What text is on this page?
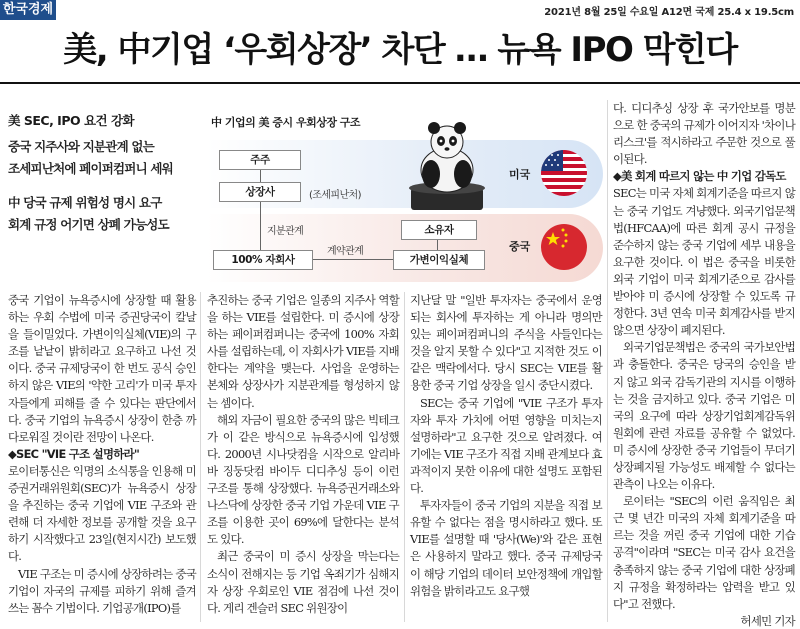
한국경제	2021년 8월 25일 수요일 A12면 국제 25.4 x 19.5cm
美, 中기업 ‘우회상장’ 차단 … 뉴욕 IPO 막힌다
美 SEC, IPO 요건 강화
중국 지주사와 지분관계 없는
조세피난처에 페이퍼컴퍼니 세워
中 당국 규제 위험성 명시 요구
회계 규정 어기면 상폐 가능성도
中 기업의 美 증시 우회상장 구조
주주
상장사	(조세피난처)
지분관계
100% 자회사
계약관계
소유자
가변이익실체
미국
중국

중국 기업이 뉴욕증시에 상장할 때 활용하는 우회 수법에 미국 증권당국이 칼날을 들이밀었다. 가변이익실체(VIE)의 구조를 낱낱이 밝히라고 요구하고 나선 것이다. 중국 규제당국이 한 번도 공식 승인하지 않은 VIE의 '약한 고리'가 미국 투자자들에게 피해를 줄 수 있다는 판단에서다. 중국 기업의 뉴욕증시 상장이 한층 까다로워질 것이란 전망이 나온다.

◆SEC "VIE 구조 설명하라"

로이터통신은 익명의 소식통을 인용해 미 증권거래위원회(SEC)가 뉴욕증시 상장을 추진하는 중국 기업에 VIE 구조와 관련해 더 자세한 정보를 공개할 것을 요구하기 시작했다고 23일(현지시간) 보도했다.

VIE 구조는 미 증시에 상장하려는 중국 기업이 자국의 규제를 피하기 위해 즐겨 쓰는 꼼수 기법이다. 기업공개(IPO)를

추진하는 중국 기업은 일종의 지주사 역할을 하는 VIE를 설립한다. 미 증시에 상장하는 페이퍼컴퍼니는 중국에 100% 자회사를 설립하는데, 이 자회사가 VIE를 지배한다는 계약을 맺는다. 사업을 운영하는 본체와 상장사가 지분관계를 형성하지 않는 셈이다.

해외 자금이 필요한 중국의 많은 빅테크가 이 같은 방식으로 뉴욕증시에 입성했다. 2000년 시나닷컴을 시작으로 알리바바 징둥닷컴 바이두 디디추싱 등이 이런 구조를 통해 상장했다. 뉴욕증권거래소와 나스닥에 상장한 중국 기업 가운데 VIE 구조를 이용한 곳이 69%에 달한다는 분석도 있다.

최근 중국이 미 증시 상장을 막는다는 소식이 전해지는 등 기업 옥죄기가 심해지자 상장 우회로인 VIE 점검에 나선 것이다. 게리 겐슬러 SEC 위원장이

지난달 말 "일반 투자자는 중국에서 운영되는 회사에 투자하는 게 아니라 명의만 있는 페이퍼컴퍼니의 주식을 사들인다는 것을 알지 못할 수 있다"고 지적한 것도 이 같은 맥락에서다. 당시 SEC는 VIE를 활용한 중국 기업 상장을 일시 중단시켰다.

SEC는 중국 기업에 "VIE 구조가 투자자와 투자 가치에 어떤 영향을 미치는지 설명하라"고 요구한 것으로 알려졌다. 여기에는 VIE 구조가 직접 지배 관계보다 효과적이지 못한 이유에 대한 설명도 포함된다.

투자자들이 중국 기업의 지분을 직접 보유할 수 없다는 점을 명시하라고 했다. 또 VIE를 설명할 때 '당사(We)'와 같은 표현은 사용하지 말라고 했다. 중국 규제당국이 해당 기업의 데이터 보안정책에 개입할 위험을 밝히라고도 요구했

다. 디디추싱 상장 후 국가안보를 명분으로 한 중국의 규제가 이어지자 '차이나 리스크'를 적시하라고 주문한 것으로 풀이된다.

◆美 회계 따르지 않는 中 기업 감독도

SEC는 미국 자체 회계기준을 따르지 않는 중국 기업도 겨냥했다. 외국기업문책법(HFCAA)에 따른 회계 공시 규정을 준수하지 않는 중국 기업에 세부 내용을 요구한 것이다. 이 법은 중국을 비롯한 외국 기업이 미국 회계기준으로 감사를 받아야 미 증시에 상장할 수 있도록 규정한다. 3년 연속 미국 회계감사를 받지 않으면 상장이 폐지된다.

외국기업문책법은 중국의 국가보안법과 충돌한다. 중국은 당국의 승인을 받지 않고 외국 감독기관의 지시를 이행하는 것을 금지하고 있다. 중국 기업은 미국의 요구에 따라 상장기업회계감독위원회에 관련 자료를 공유할 수 없었다. 미 증시에 상장한 중국 기업들이 무더기 상장폐지될 가능성도 배제할 수 없다는 관측이 나오는 이유다.

로이터는 "SEC의 이런 움직임은 최근 몇 년간 미국의 자체 회계기준을 따르는 것을 꺼린 중국 기업에 대한 기습공격"이라며 "SEC는 미국 감사 요건을 충족하지 않는 중국 기업에 대한 상장폐지 규정을 확정하라는 압력을 받고 있다"고 전했다.

허세민 기자
